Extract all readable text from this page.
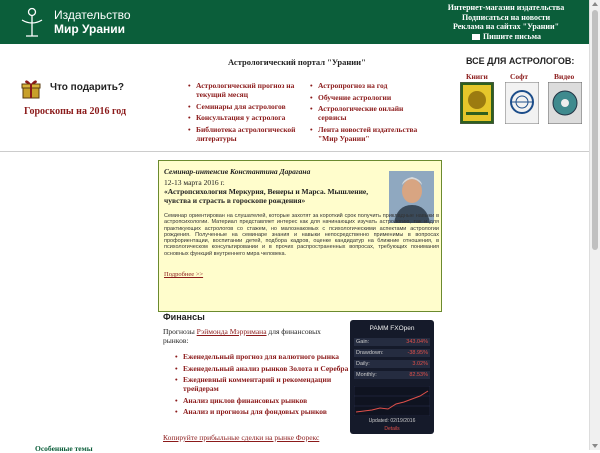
Издательство
Мир Урании
Интернет-магазин издательства
Подписаться на новости
Реклама на сайтах "Урании"
Пишите письма
Что подарить?
Гороскопы на 2016 год
Астрологический портал "Урании"
• Астрологический прогноз на текущий месяц
• Семинары для астрологов
• Консультация у астролога
• Библиотека астрологической литературы
• Астропрогноз на год
• Обучение астрологии
• Астрологические онлайн сервисы
• Лента новостей издательства "Мир Урании"
ВСЕ ДЛЯ АСТРОЛОГОВ:
Книги	Софт	Видео
Семинар-интенсив Константина Дарагана
12-13 марта 2016 г.
«Астропсихология Меркурия, Венеры и Марса. Мышление, чувства и страсть в гороскопе рождения»
Семинар ориентирован на слушателей, которые захотят за короткий срок получить прикладные навыки в астропсихологии. Материал представляет интерес как для начинающих изучать астрологию, так и для практикующих астрологов со стажем, но малознакомых с психологическими аспектами астрологии рождения. Полученные на семинаре знания и навыки непосредственно применимы в вопросах профориентации, воспитании детей, подбора кадров, оценке кандидатур на ближние отношения, в психологическом консультировании и в прочих распространенных вопросах, требующих понимания основных функций внутреннего мира человека.
Подробнее >>
Финансы
Прогнозы Рэймонда Мэрримана для финансовых рынков:
• Еженедельный прогноз для валютного рынка
• Еженедельный анализ рынков Золота и Серебра
• Ежедневный комментарий и рекомендации трейдерам
• Анализ циклов финансовых рынков
• Анализ и прогнозы для фондовых рынков
Копируйте прибыльные сделки на рынке Форекс
Особенные темы
PAMM FXOpen
Gain:	343.04%
Drawdown:	-38.95%
Daily:	3.02%
Monthly:	82.53%
Updated: 02/19/2016
Details
